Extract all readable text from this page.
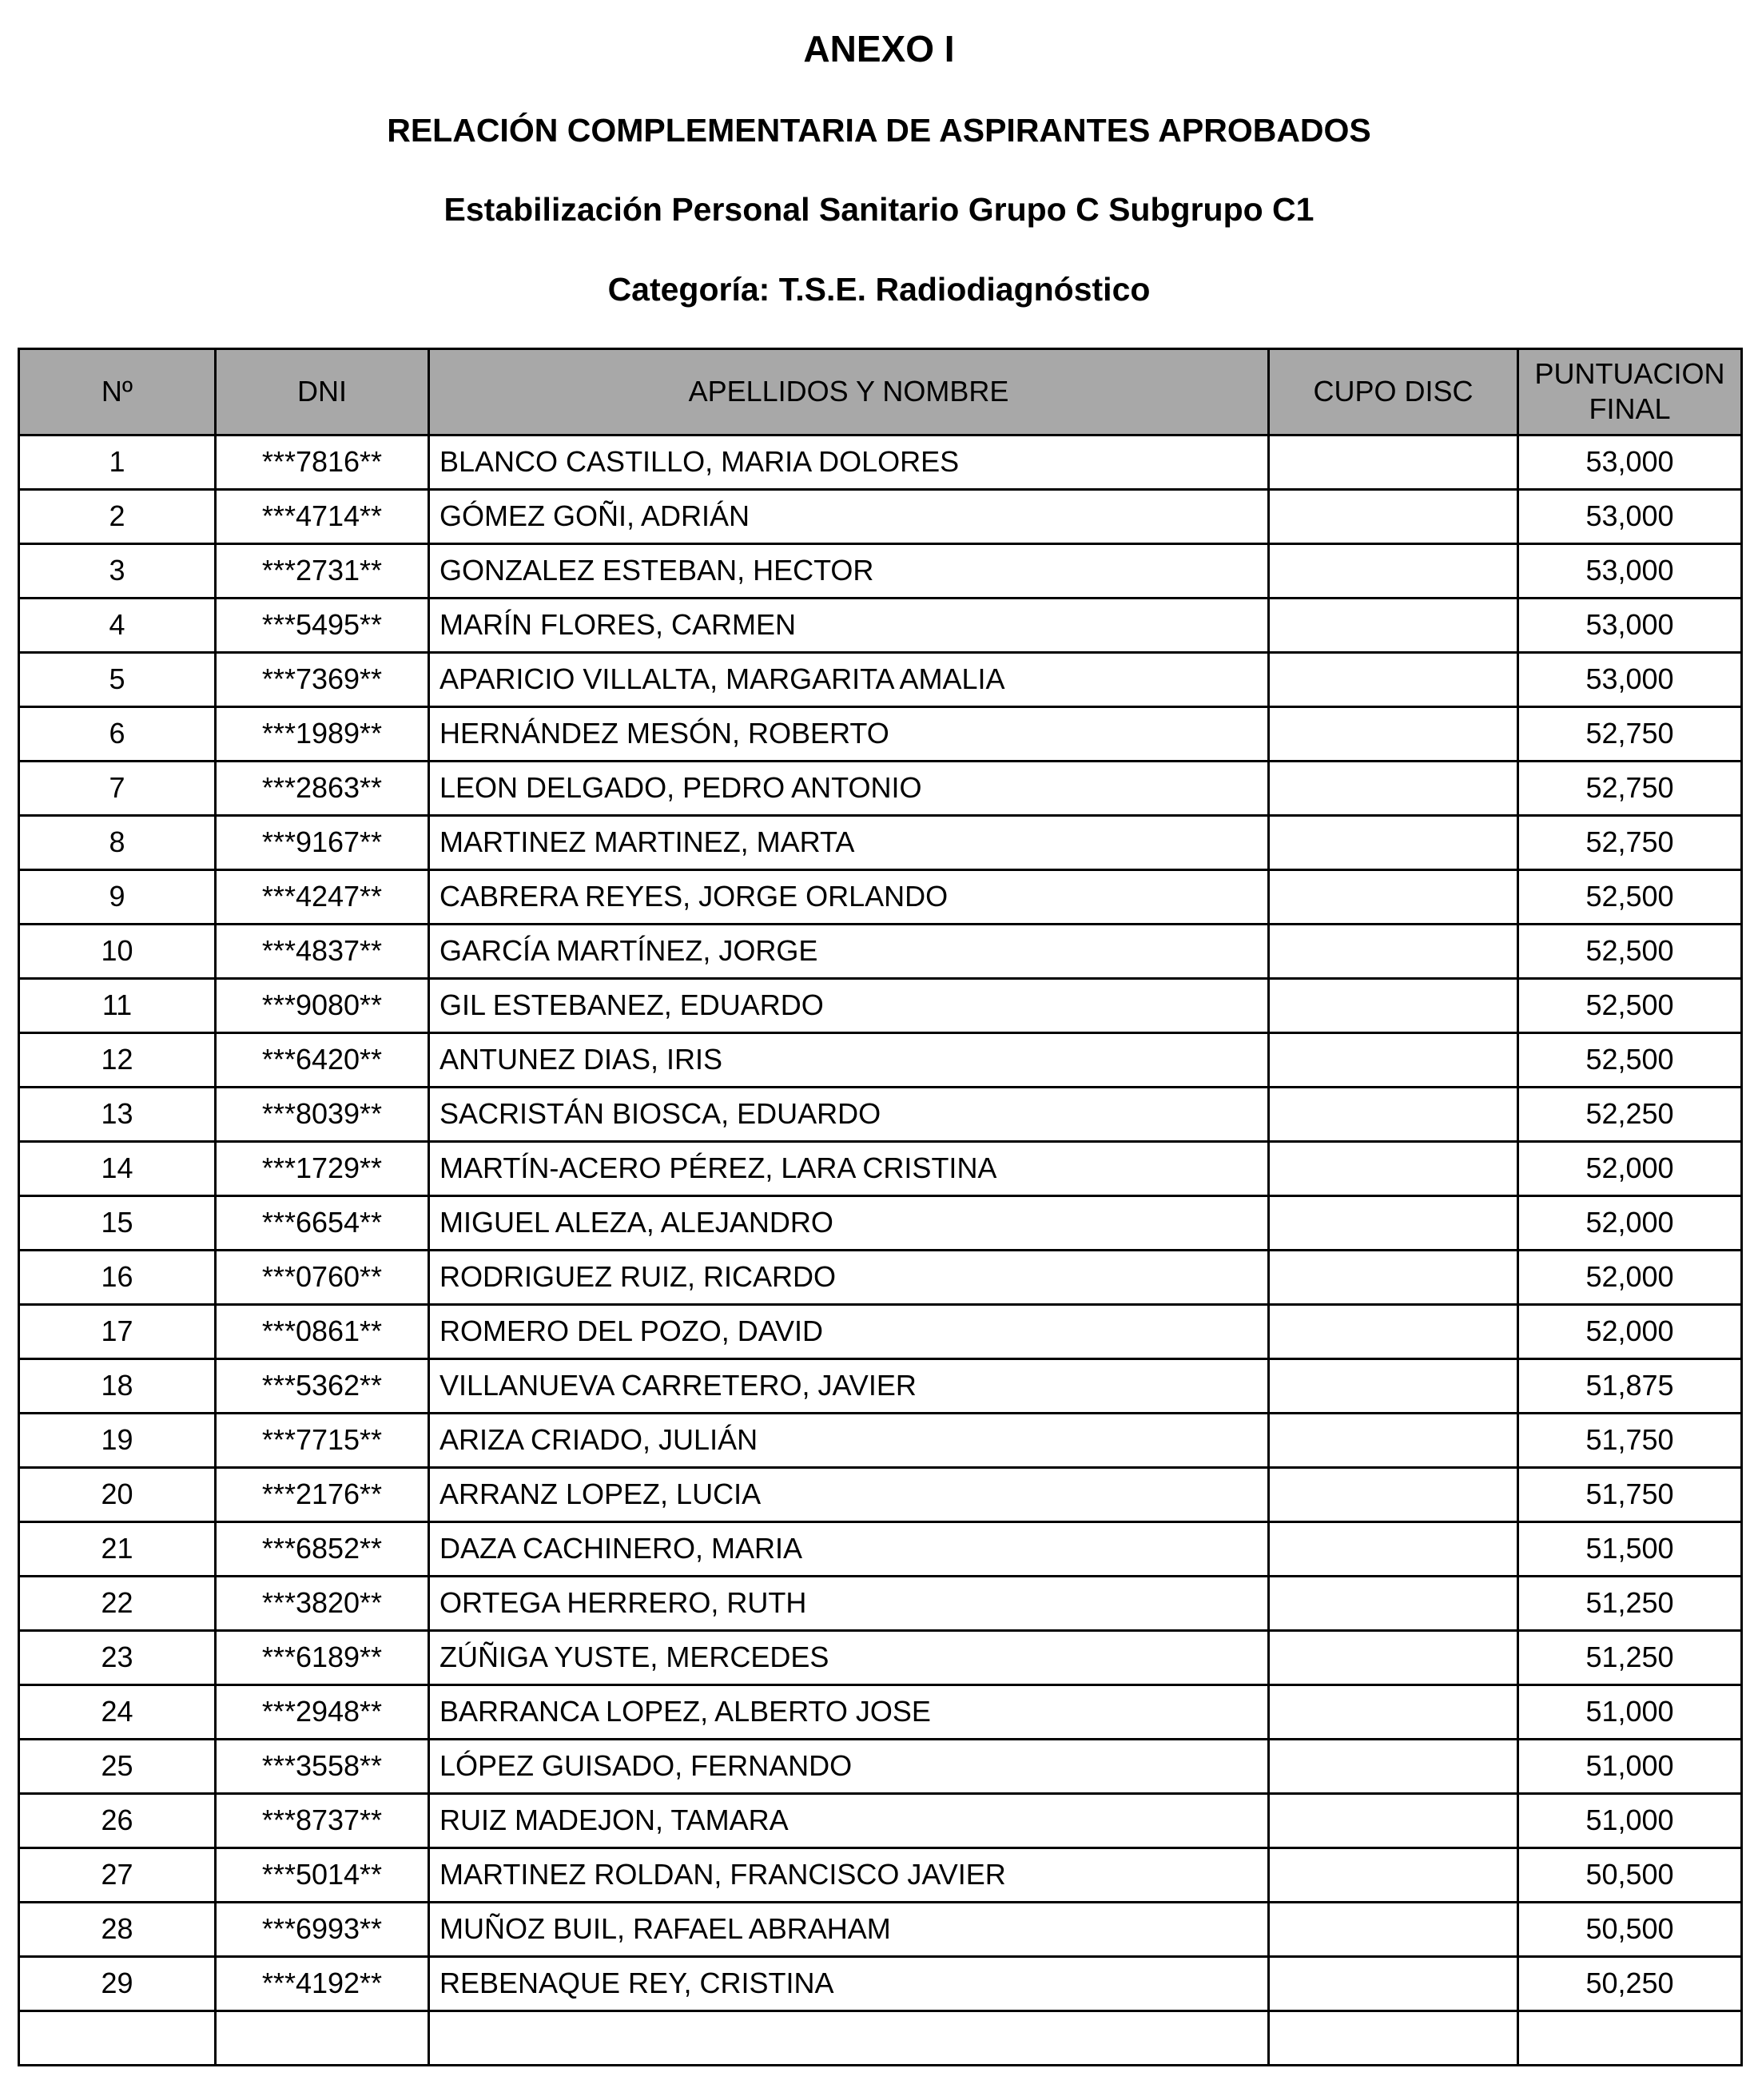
ANEXO I
RELACIÓN COMPLEMENTARIA DE ASPIRANTES APROBADOS
Estabilización Personal Sanitario Grupo C Subgrupo C1
Categoría: T.S.E. Radiodiagnóstico
Nº	DNI	APELLIDOS Y NOMBRE	CUPO DISC	PUNTUACION FINAL

1	***7816**	BLANCO CASTILLO, MARIA DOLORES		53,000
2	***4714**	GÓMEZ GOÑI, ADRIÁN		53,000
3	***2731**	GONZALEZ ESTEBAN, HECTOR		53,000
4	***5495**	MARÍN FLORES, CARMEN		53,000
5	***7369**	APARICIO VILLALTA, MARGARITA AMALIA		53,000
6	***1989**	HERNÁNDEZ MESÓN, ROBERTO		52,750
7	***2863**	LEON DELGADO, PEDRO ANTONIO		52,750
8	***9167**	MARTINEZ MARTINEZ, MARTA		52,750
9	***4247**	CABRERA REYES, JORGE ORLANDO		52,500
10	***4837**	GARCÍA MARTÍNEZ, JORGE		52,500
11	***9080**	GIL ESTEBANEZ, EDUARDO		52,500
12	***6420**	ANTUNEZ DIAS, IRIS		52,500
13	***8039**	SACRISTÁN BIOSCA, EDUARDO		52,250
14	***1729**	MARTÍN-ACERO PÉREZ, LARA CRISTINA		52,000
15	***6654**	MIGUEL ALEZA, ALEJANDRO		52,000
16	***0760**	RODRIGUEZ RUIZ, RICARDO		52,000
17	***0861**	ROMERO DEL POZO, DAVID		52,000
18	***5362**	VILLANUEVA CARRETERO, JAVIER		51,875
19	***7715**	ARIZA CRIADO, JULIÁN		51,750
20	***2176**	ARRANZ LOPEZ, LUCIA		51,750
21	***6852**	DAZA CACHINERO, MARIA		51,500
22	***3820**	ORTEGA HERRERO, RUTH		51,250
23	***6189**	ZÚÑIGA YUSTE, MERCEDES		51,250
24	***2948**	BARRANCA LOPEZ, ALBERTO JOSE		51,000
25	***3558**	LÓPEZ GUISADO, FERNANDO		51,000
26	***8737**	RUIZ MADEJON, TAMARA		51,000
27	***5014**	MARTINEZ ROLDAN, FRANCISCO JAVIER		50,500
28	***6993**	MUÑOZ BUIL, RAFAEL ABRAHAM		50,500
29	***4192**	REBENAQUE REY, CRISTINA		50,250
